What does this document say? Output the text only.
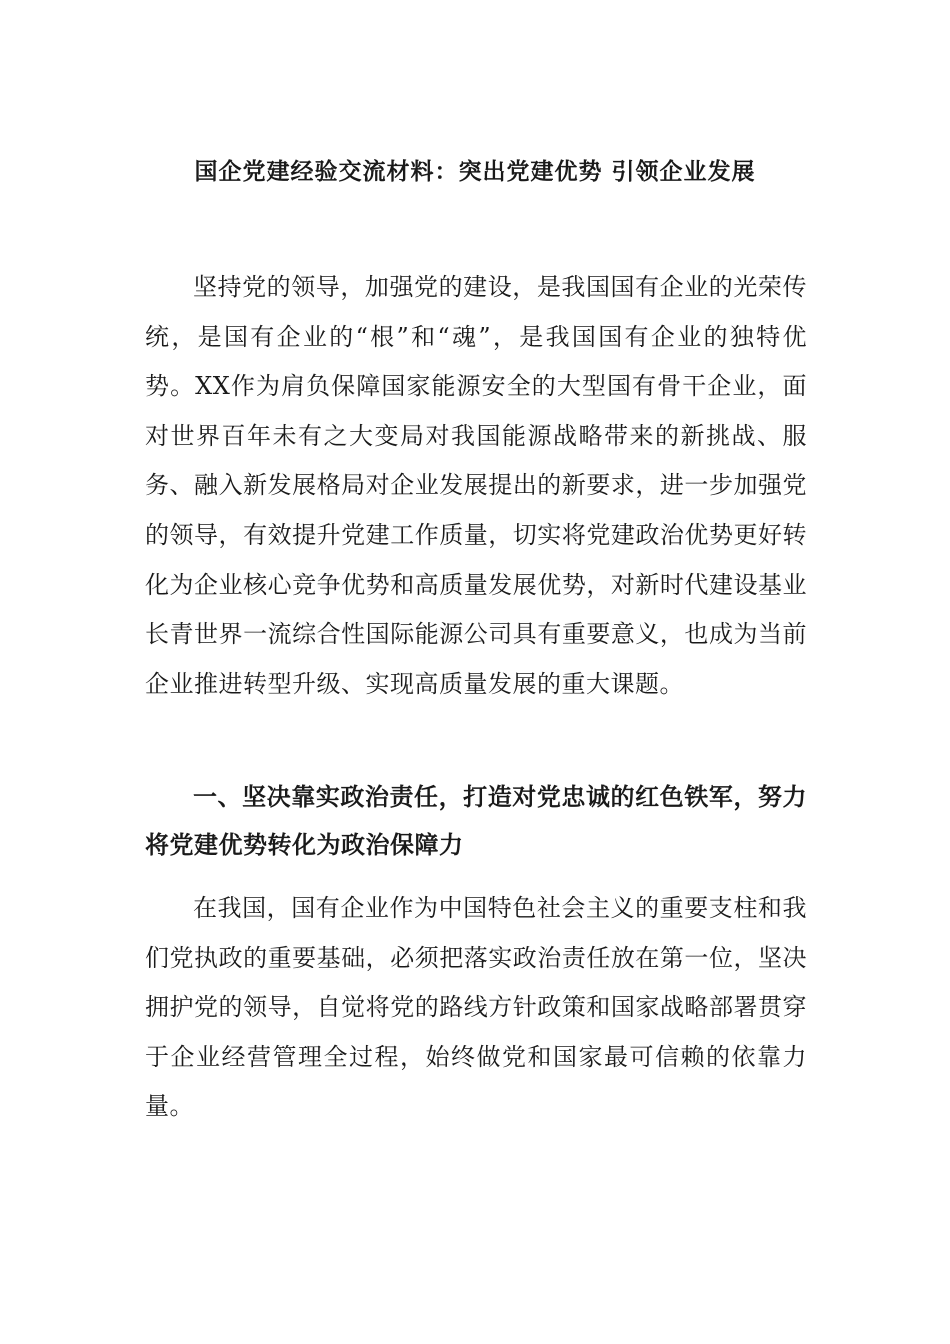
国企党建经验交流材料：突出党建优势 引领企业发展

坚持党的领导，加强党的建设，是我国国有企业的光荣传统，是国有企业的“根”和“魂”，是我国国有企业的独特优势。XX作为肩负保障国家能源安全的大型国有骨干企业，面对世界百年未有之大变局对我国能源战略带来的新挑战、服务、融入新发展格局对企业发展提出的新要求，进一步加强党的领导，有效提升党建工作质量，切实将党建政治优势更好转化为企业核心竞争优势和高质量发展优势，对新时代建设基业长青世界一流综合性国际能源公司具有重要意义，也成为当前企业推进转型升级、实现高质量发展的重大课题。

一、坚决靠实政治责任，打造对党忠诚的红色铁军，努力将党建优势转化为政治保障力

在我国，国有企业作为中国特色社会主义的重要支柱和我们党执政的重要基础，必须把落实政治责任放在第一位，坚决拥护党的领导，自觉将党的路线方针政策和国家战略部署贯穿于企业经营管理全过程，始终做党和国家最可信赖的依靠力量。
